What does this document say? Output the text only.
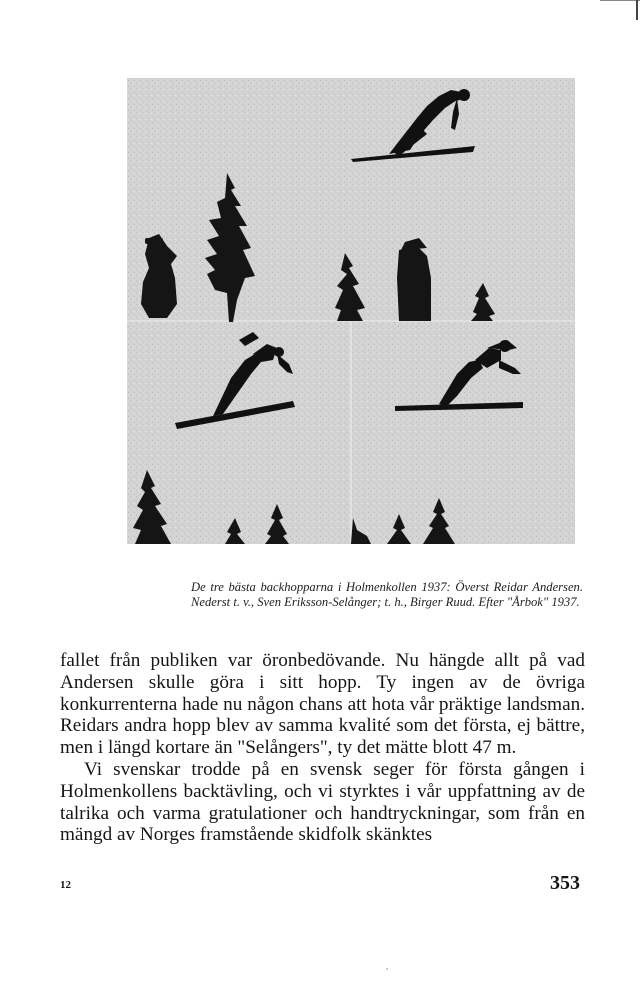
De tre bästa backhopparna i Holmenkollen 1937: Överst Reidar Andersen. Nederst t. v., Sven Eriksson-Selånger; t. h., Birger Ruud. Efter "Årbok" 1937.

fallet från publiken var öronbedövande. Nu hängde allt på vad Andersen skulle göra i sitt hopp. Ty ingen av de övriga konkurrenterna hade nu någon chans att hota vår präktige landsman. Reidars andra hopp blev av samma kvalité som det första, ej bättre, men i längd kortare än "Selångers", ty det mätte blott 47 m.

Vi svenskar trodde på en svensk seger för första gången i Holmenkollens backtävling, och vi styrktes i vår uppfattning av de talrika och varma gratulationer och handtryckningar, som från en mängd av Norges framstående skidfolk skänktes

12	353
